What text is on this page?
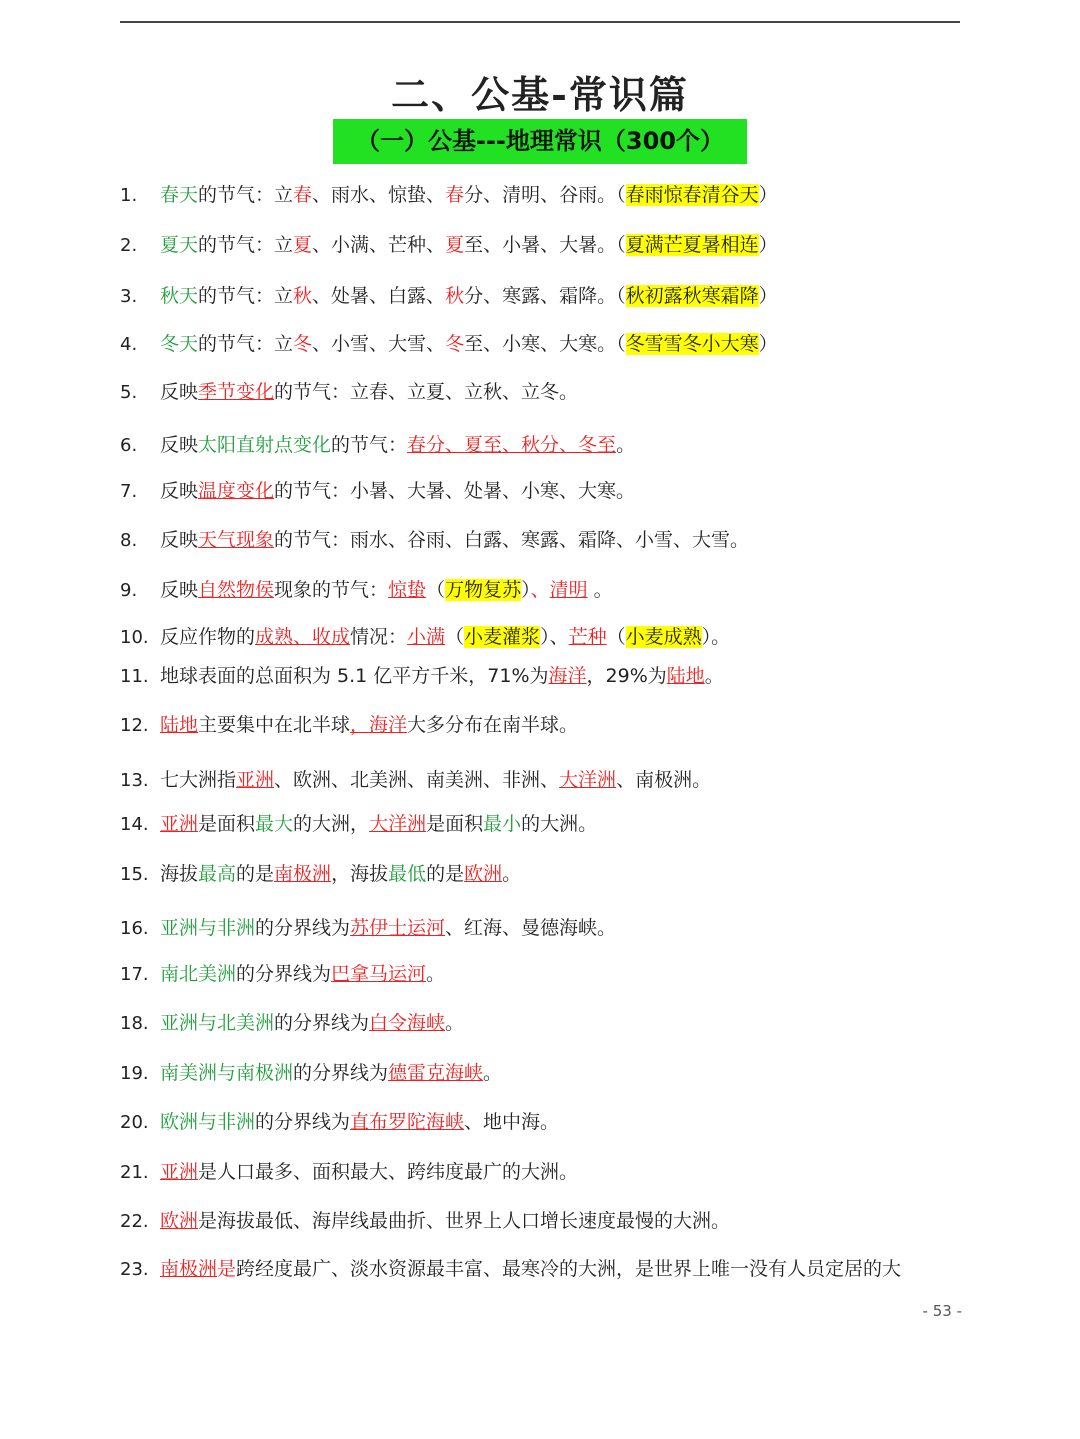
二、公基-常识篇
（一）公基---地理常识（300个）
1. 春天的节气：立春、雨水、惊蛰、春分、清明、谷雨。（春雨惊春清谷天）
2. 夏天的节气：立夏、小满、芒种、夏至、小暑、大暑。（夏满芒夏暑相连）
3. 秋天的节气：立秋、处暑、白露、秋分、寒露、霜降。（秋初露秋寒霜降）
4. 冬天的节气：立冬、小雪、大雪、冬至、小寒、大寒。（冬雪雪冬小大寒）
5. 反映季节变化的节气：立春、立夏、立秋、立冬。
6. 反映太阳直射点变化的节气：春分、夏至、秋分、冬至。
7. 反映温度变化的节气：小暑、大暑、处暑、小寒、大寒。
8. 反映天气现象的节气：雨水、谷雨、白露、寒露、霜降、小雪、大雪。
9. 反映自然物侯现象的节气：惊蛰（万物复苏）、清明 。
10. 反应作物的成熟、收成情况：小满（小麦灌浆）、芒种（小麦成熟）。
11. 地球表面的总面积为 5.1 亿平方千米，71%为海洋，29%为陆地。
12. 陆地主要集中在北半球，海洋大多分布在南半球。
13. 七大洲指亚洲、欧洲、北美洲、南美洲、非洲、大洋洲、南极洲。
14. 亚洲是面积最大的大洲，大洋洲是面积最小的大洲。
15. 海拔最高的是南极洲，海拔最低的是欧洲。
16. 亚洲与非洲的分界线为苏伊士运河、红海、曼德海峡。
17. 南北美洲的分界线为巴拿马运河。
18. 亚洲与北美洲的分界线为白令海峡。
19. 南美洲与南极洲的分界线为德雷克海峡。
20. 欧洲与非洲的分界线为直布罗陀海峡、地中海。
21. 亚洲是人口最多、面积最大、跨纬度最广的大洲。
22. 欧洲是海拔最低、海岸线最曲折、世界上人口增长速度最慢的大洲。
23. 南极洲是跨经度最广、淡水资源最丰富、最寒冷的大洲，是世界上唯一没有人员定居的大
- 53 -
